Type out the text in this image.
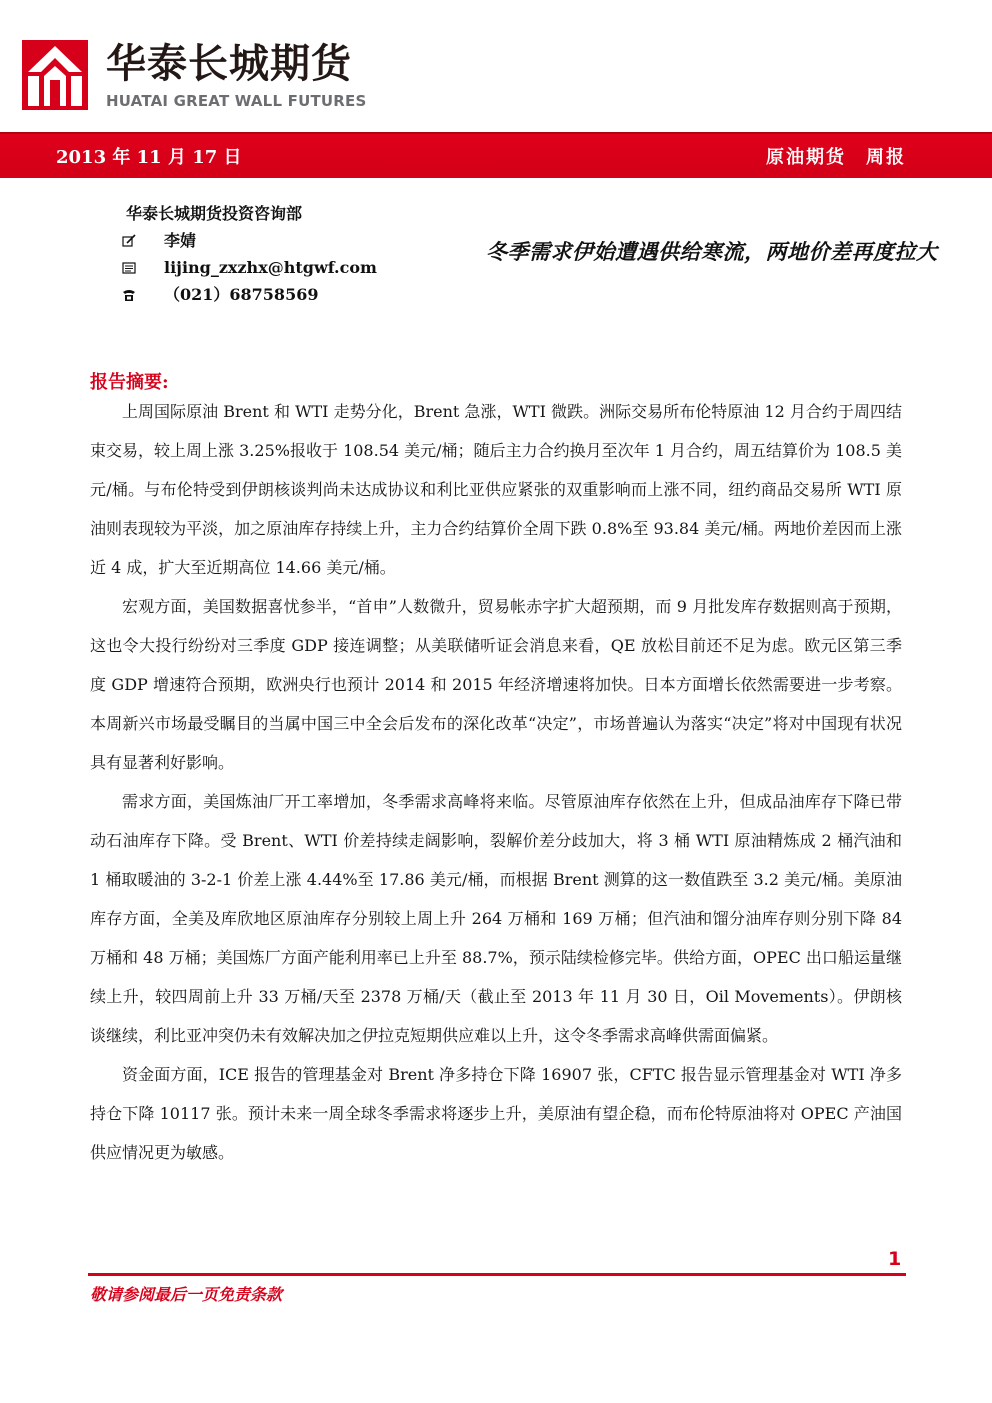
华泰长城期货
HUATAI GREAT WALL FUTURES
2013 年 11 月 17 日	原油期货　周报
华泰长城期货投资咨询部
李婧
lijing_zxzhx@htgwf.com
（021）68758569
冬季需求伊始遭遇供给寒流，两地价差再度拉大
报告摘要:

上周国际原油 Brent 和 WTI 走势分化，Brent 急涨，WTI 微跌。洲际交易所布伦特原油 12 月合约于周四结束交易，较上周上涨 3.25%报收于 108.54 美元/桶；随后主力合约换月至次年 1 月合约，周五结算价为 108.5 美元/桶。与布伦特受到伊朗核谈判尚未达成协议和利比亚供应紧张的双重影响而上涨不同，纽约商品交易所 WTI 原油则表现较为平淡，加之原油库存持续上升，主力合约结算价全周下跌 0.8%至 93.84 美元/桶。两地价差因而上涨近 4 成，扩大至近期高位 14.66 美元/桶。

宏观方面，美国数据喜忧参半，“首申”人数微升，贸易帐赤字扩大超预期，而 9 月批发库存数据则高于预期，这也令大投行纷纷对三季度 GDP 接连调整；从美联储听证会消息来看，QE 放松目前还不足为虑。欧元区第三季度 GDP 增速符合预期，欧洲央行也预计 2014 和 2015 年经济增速将加快。日本方面增长依然需要进一步考察。本周新兴市场最受瞩目的当属中国三中全会后发布的深化改革“决定”，市场普遍认为落实“决定”将对中国现有状况具有显著利好影响。

需求方面，美国炼油厂开工率增加，冬季需求高峰将来临。尽管原油库存依然在上升，但成品油库存下降已带动石油库存下降。受 Brent、WTI 价差持续走阔影响，裂解价差分歧加大，将 3 桶 WTI 原油精炼成 2 桶汽油和 1 桶取暖油的 3-2-1 价差上涨 4.44%至 17.86 美元/桶，而根据 Brent 测算的这一数值跌至 3.2 美元/桶。美原油库存方面，全美及库欣地区原油库存分别较上周上升 264 万桶和 169 万桶；但汽油和馏分油库存则分别下降 84 万桶和 48 万桶；美国炼厂方面产能利用率已上升至 88.7%，预示陆续检修完毕。供给方面，OPEC 出口船运量继续上升，较四周前上升 33 万桶/天至 2378 万桶/天（截止至 2013 年 11 月 30 日，Oil Movements）。伊朗核谈继续，利比亚冲突仍未有效解决加之伊拉克短期供应难以上升，这令冬季需求高峰供需面偏紧。

资金面方面，ICE 报告的管理基金对 Brent 净多持仓下降 16907 张，CFTC 报告显示管理基金对 WTI 净多持仓下降 10117 张。预计未来一周全球冬季需求将逐步上升，美原油有望企稳，而布伦特原油将对 OPEC 产油国供应情况更为敏感。

1
敬请参阅最后一页免责条款
